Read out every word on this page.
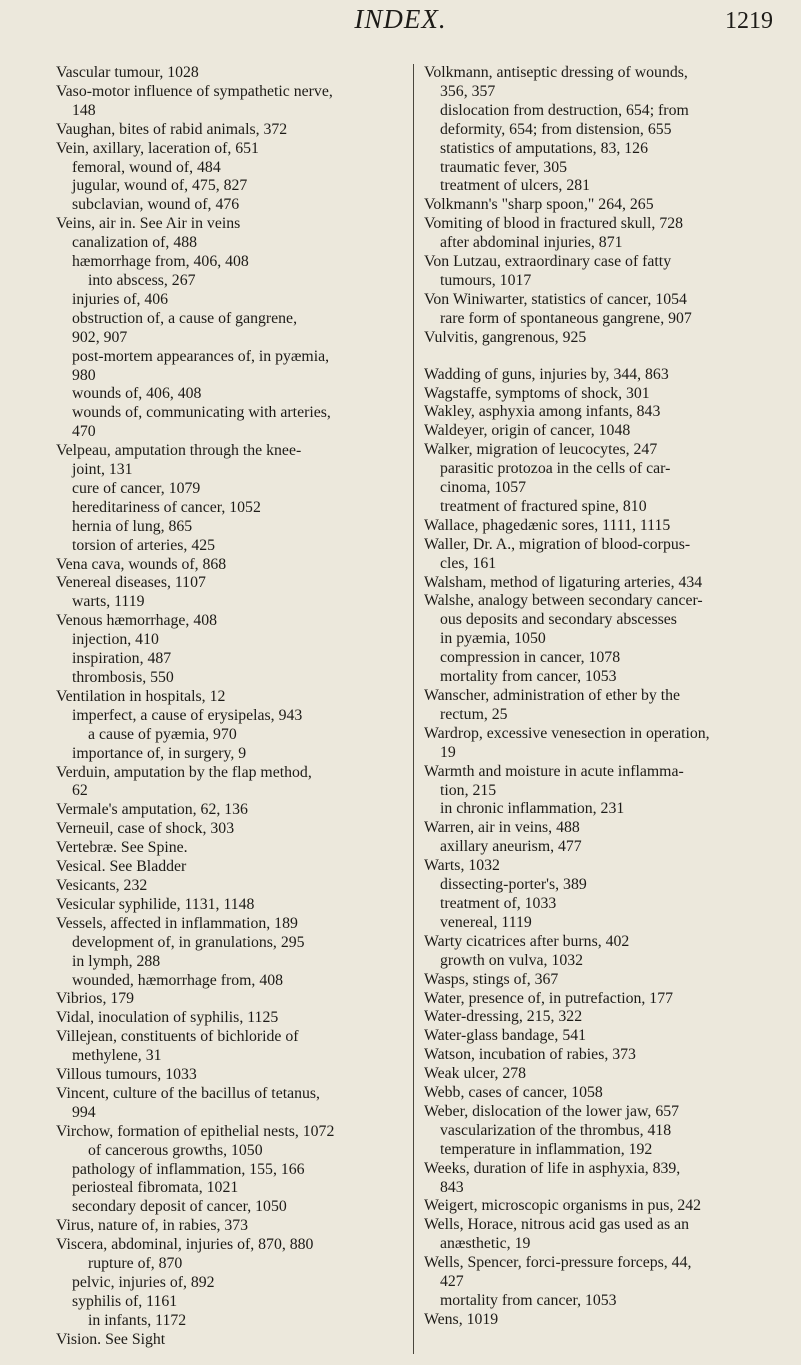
INDEX.	1219
Vascular tumour, 1028
Vaso-motor influence of sympathetic nerve,
148
Vaughan, bites of rabid animals, 372
Vein, axillary, laceration of, 651
femoral, wound of, 484
jugular, wound of, 475, 827
subclavian, wound of, 476
Veins, air in. See Air in veins
canalization of, 488
hæmorrhage from, 406, 408
into abscess, 267
injuries of, 406
obstruction of, a cause of gangrene,
902, 907
post-mortem appearances of, in pyæmia,
980
wounds of, 406, 408
wounds of, communicating with arteries,
470
Velpeau, amputation through the knee-
joint, 131
cure of cancer, 1079
hereditariness of cancer, 1052
hernia of lung, 865
torsion of arteries, 425
Vena cava, wounds of, 868
Venereal diseases, 1107
warts, 1119
Venous hæmorrhage, 408
injection, 410
inspiration, 487
thrombosis, 550
Ventilation in hospitals, 12
imperfect, a cause of erysipelas, 943
a cause of pyæmia, 970
importance of, in surgery, 9
Verduin, amputation by the flap method,
62
Vermale's amputation, 62, 136
Verneuil, case of shock, 303
Vertebræ. See Spine.
Vesical. See Bladder
Vesicants, 232
Vesicular syphilide, 1131, 1148
Vessels, affected in inflammation, 189
development of, in granulations, 295
in lymph, 288
wounded, hæmorrhage from, 408
Vibrios, 179
Vidal, inoculation of syphilis, 1125
Villejean, constituents of bichloride of
methylene, 31
Villous tumours, 1033
Vincent, culture of the bacillus of tetanus,
994
Virchow, formation of epithelial nests, 1072
of cancerous growths, 1050
pathology of inflammation, 155, 166
periosteal fibromata, 1021
secondary deposit of cancer, 1050
Virus, nature of, in rabies, 373
Viscera, abdominal, injuries of, 870, 880
rupture of, 870
pelvic, injuries of, 892
syphilis of, 1161
in infants, 1172
Vision. See Sight
Volkmann, antiseptic dressing of wounds,
356, 357
dislocation from destruction, 654; from
deformity, 654; from distension, 655
statistics of amputations, 83, 126
traumatic fever, 305
treatment of ulcers, 281
Volkmann's "sharp spoon," 264, 265
Vomiting of blood in fractured skull, 728
after abdominal injuries, 871
Von Lutzau, extraordinary case of fatty
tumours, 1017
Von Winiwarter, statistics of cancer, 1054
rare form of spontaneous gangrene, 907
Vulvitis, gangrenous, 925
Wadding of guns, injuries by, 344, 863
Wagstaffe, symptoms of shock, 301
Wakley, asphyxia among infants, 843
Waldeyer, origin of cancer, 1048
Walker, migration of leucocytes, 247
parasitic protozoa in the cells of car-
cinoma, 1057
treatment of fractured spine, 810
Wallace, phagedænic sores, 1111, 1115
Waller, Dr. A., migration of blood-corpus-
cles, 161
Walsham, method of ligaturing arteries, 434
Walshe, analogy between secondary cancer-
ous deposits and secondary abscesses
in pyæmia, 1050
compression in cancer, 1078
mortality from cancer, 1053
Wanscher, administration of ether by the
rectum, 25
Wardrop, excessive venesection in operation,
19
Warmth and moisture in acute inflamma-
tion, 215
in chronic inflammation, 231
Warren, air in veins, 488
axillary aneurism, 477
Warts, 1032
dissecting-porter's, 389
treatment of, 1033
venereal, 1119
Warty cicatrices after burns, 402
growth on vulva, 1032
Wasps, stings of, 367
Water, presence of, in putrefaction, 177
Water-dressing, 215, 322
Water-glass bandage, 541
Watson, incubation of rabies, 373
Weak ulcer, 278
Webb, cases of cancer, 1058
Weber, dislocation of the lower jaw, 657
vascularization of the thrombus, 418
temperature in inflammation, 192
Weeks, duration of life in asphyxia, 839,
843
Weigert, microscopic organisms in pus, 242
Wells, Horace, nitrous acid gas used as an
anæsthetic, 19
Wells, Spencer, forci-pressure forceps, 44,
427
mortality from cancer, 1053
Wens, 1019
